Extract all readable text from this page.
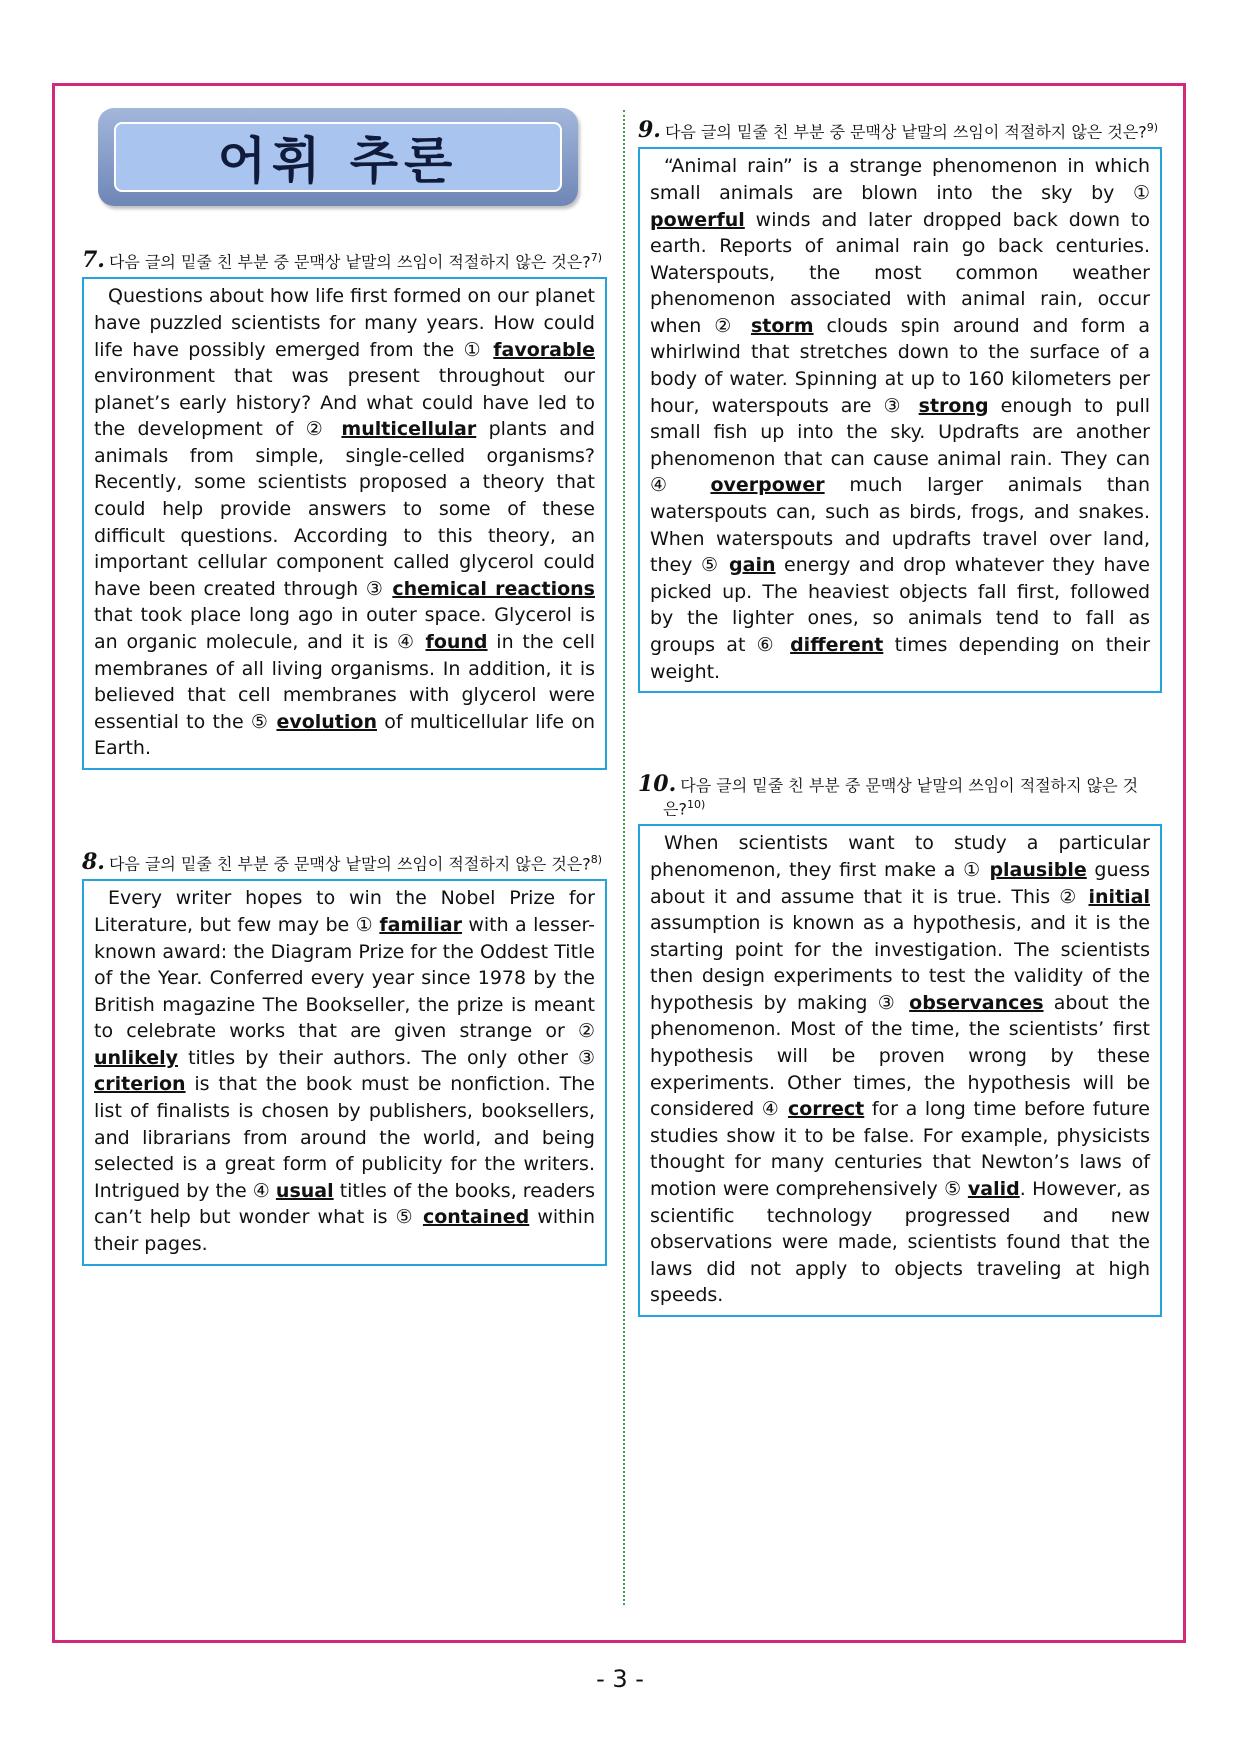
어휘 추론
7. 다음 글의 밑줄 친 부분 중 문맥상 낱말의 쓰임이 적절하지 않은 것은?$^{7)}$

Questions about how life first formed on our planet have puzzled scientists for many years. How could life have possibly emerged from the ① favorable environment that was present throughout our planet’s early history? And what could have led to the development of ② multicellular plants and animals from simple, single-celled organisms? Recently, some scientists proposed a theory that could help provide answers to some of these difficult questions. According to this theory, an important cellular component called glycerol could have been created through ③ chemical reactions that took place long ago in outer space. Glycerol is an organic molecule, and it is ④ found in the cell membranes of all living organisms. In addition, it is believed that cell membranes with glycerol were essential to the ⑤ evolution of multicellular life on Earth.

8. 다음 글의 밑줄 친 부분 중 문맥상 낱말의 쓰임이 적절하지 않은 것은?$^{8)}$

Every writer hopes to win the Nobel Prize for Literature, but few may be ① familiar with a lesser-known award: the Diagram Prize for the Oddest Title of the Year. Conferred every year since 1978 by the British magazine The Bookseller, the prize is meant to celebrate works that are given strange or ② unlikely titles by their authors. The only other ③ criterion is that the book must be nonfiction. The list of finalists is chosen by publishers, booksellers, and librarians from around the world, and being selected is a great form of publicity for the writers. Intrigued by the ④ usual titles of the books, readers can’t help but wonder what is ⑤ contained within their pages.

9. 다음 글의 밑줄 친 부분 중 문맥상 낱말의 쓰임이 적절하지 않은 것은?$^{9)}$

“Animal rain” is a strange phenomenon in which small animals are blown into the sky by ① powerful winds and later dropped back down to earth. Reports of animal rain go back centuries. Waterspouts, the most common weather phenomenon associated with animal rain, occur when ② storm clouds spin around and form a whirlwind that stretches down to the surface of a body of water. Spinning at up to 160 kilometers per hour, waterspouts are ③ strong enough to pull small fish up into the sky. Updrafts are another phenomenon that can cause animal rain. They can ④ overpower much larger animals than waterspouts can, such as birds, frogs, and snakes. When waterspouts and updrafts travel over land, they ⑤ gain energy and drop whatever they have picked up. The heaviest objects fall first, followed by the lighter ones, so animals tend to fall as groups at ⑥ different times depending on their weight.

10. 다음 글의 밑줄 친 부분 중 문맥상 낱말의 쓰임이 적절하지 않은 것은?$^{10)}$

When scientists want to study a particular phenomenon, they first make a ① plausible guess about it and assume that it is true. This ② initial assumption is known as a hypothesis, and it is the starting point for the investigation. The scientists then design experiments to test the validity of the hypothesis by making ③ observances about the phenomenon. Most of the time, the scientists’ first hypothesis will be proven wrong by these experiments. Other times, the hypothesis will be considered ④ correct for a long time before future studies show it to be false. For example, physicists thought for many centuries that Newton’s laws of motion were comprehensively ⑤ valid. However, as scientific technology progressed and new observations were made, scientists found that the laws did not apply to objects traveling at high speeds.

- 3 -
